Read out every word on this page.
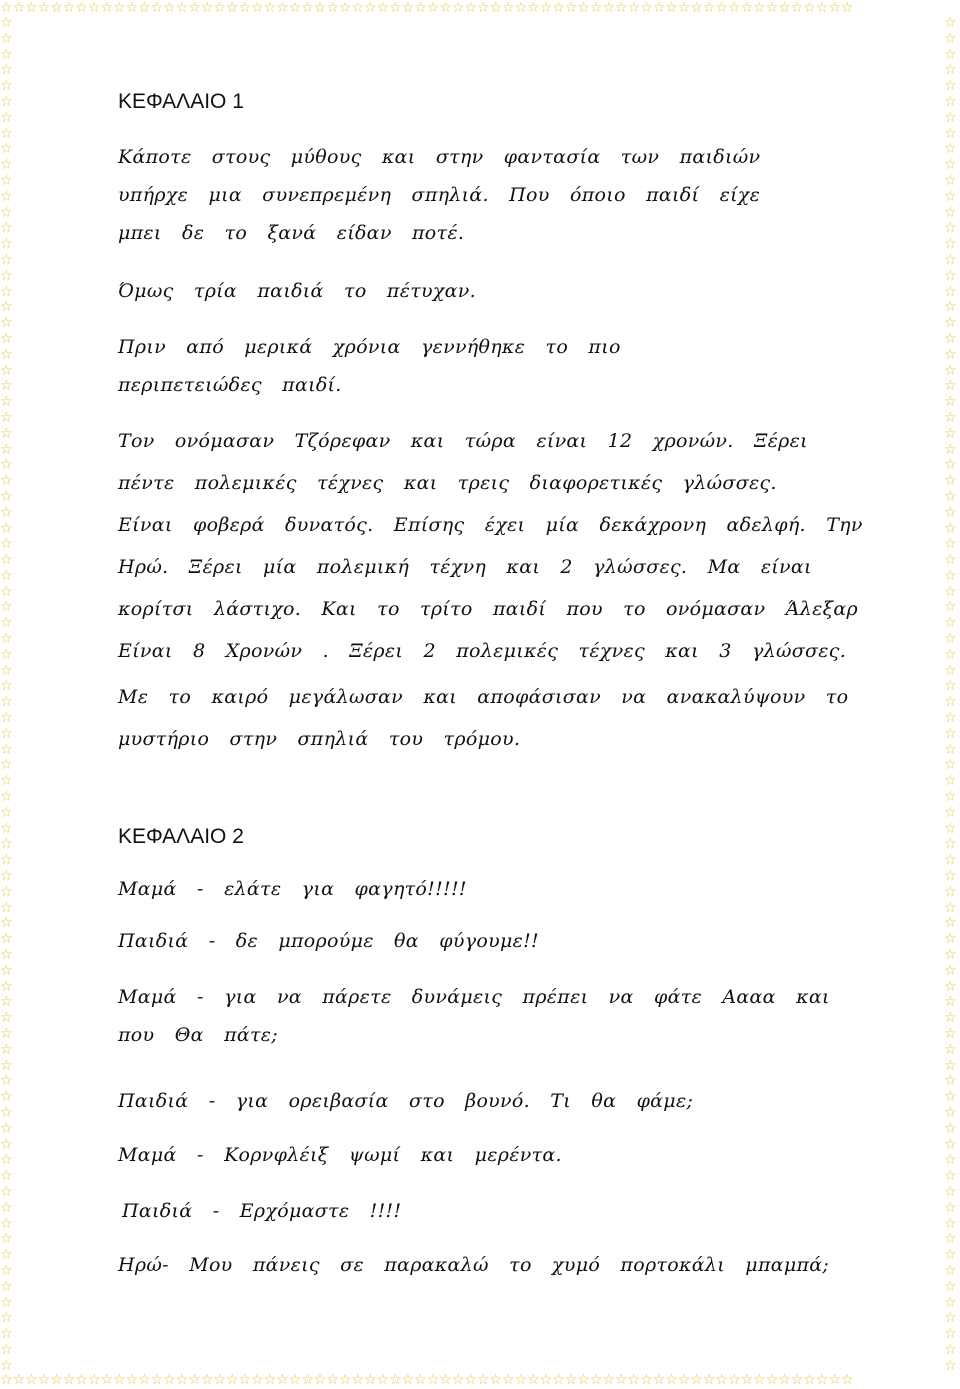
☆☆☆☆☆☆☆☆☆☆☆☆☆☆☆☆☆☆☆☆☆☆☆☆☆☆☆☆☆☆☆☆☆☆☆☆☆☆☆☆☆☆☆☆☆☆☆☆☆☆☆☆☆☆☆☆☆☆☆☆☆☆☆☆☆☆☆☆
☆☆☆☆☆☆☆☆☆☆☆☆☆☆☆☆☆☆☆☆☆☆☆☆☆☆☆☆☆☆☆☆☆☆☆☆☆☆☆☆☆☆☆☆☆☆☆☆☆☆☆☆☆☆☆☆☆☆☆☆☆☆☆☆☆☆☆☆
☆☆☆☆☆☆☆☆☆☆☆☆☆☆☆☆☆☆☆☆☆☆☆☆☆☆☆☆☆☆☆☆☆☆☆☆☆☆☆☆☆☆☆☆☆☆☆☆☆☆☆☆☆☆☆☆☆☆☆☆☆☆☆☆☆☆☆☆☆☆☆☆☆☆☆☆☆☆☆☆☆☆☆☆☆☆
☆☆☆☆☆☆☆☆☆☆☆☆☆☆☆☆☆☆☆☆☆☆☆☆☆☆☆☆☆☆☆☆☆☆☆☆☆☆☆☆☆☆☆☆☆☆☆☆☆☆☆☆☆☆☆☆☆☆☆☆☆☆☆☆☆☆☆☆☆☆☆☆☆☆☆☆☆☆☆☆☆☆☆☆☆☆
ΚΕΦΑΛΑΙΟ 1
Κάποτε στους μύθους και στην φαντασία των παιδιών
υπήρχε μια συνεπρεμένη σπηλιά. Που όποιο παιδί είχε
μπει δε το ξανά είδαν ποτέ.
Όμως τρία παιδιά το πέτυχαν.
Πριν από μερικά χρόνια γεννήθηκε το πιο
περιπετειώδες παιδί.
Τον ονόμασαν Τζόρεφαν και τώρα είναι 12 χρονών. Ξέρει
πέντε πολεμικές τέχνες και τρεις διαφορετικές γλώσσες.
Είναι φοβερά δυνατός. Επίσης έχει μία δεκάχρονη αδελφή. Την
Ηρώ. Ξέρει μία πολεμική τέχνη και 2 γλώσσες. Μα είναι
κορίτσι λάστιχο. Και το τρίτο παιδί που το ονόμασαν Άλεξαρ
Είναι 8 Χρονών . Ξέρει 2 πολεμικές τέχνες και 3 γλώσσες.
Με το καιρό μεγάλωσαν και αποφάσισαν να ανακαλύψουν το
μυστήριο στην σπηλιά του τρόμου.
ΚΕΦΑΛΑΙΟ 2
Μαμά - ελάτε για φαγητό!!!!!
Παιδιά - δε μπορούμε θα φύγουμε!!
Μαμά - για να πάρετε δυνάμεις πρέπει να φάτε Αααα και
που Θα πάτε;
Παιδιά - για ορειβασία στο βουνό. Τι θα φάμε;
Μαμά - Κορνφλέιξ ψωμί και μερέντα.
Παιδιά - Ερχόμαστε !!!!
Ηρώ- Μου πάνεις σε παρακαλώ το χυμό πορτοκάλι μπαμπά;
